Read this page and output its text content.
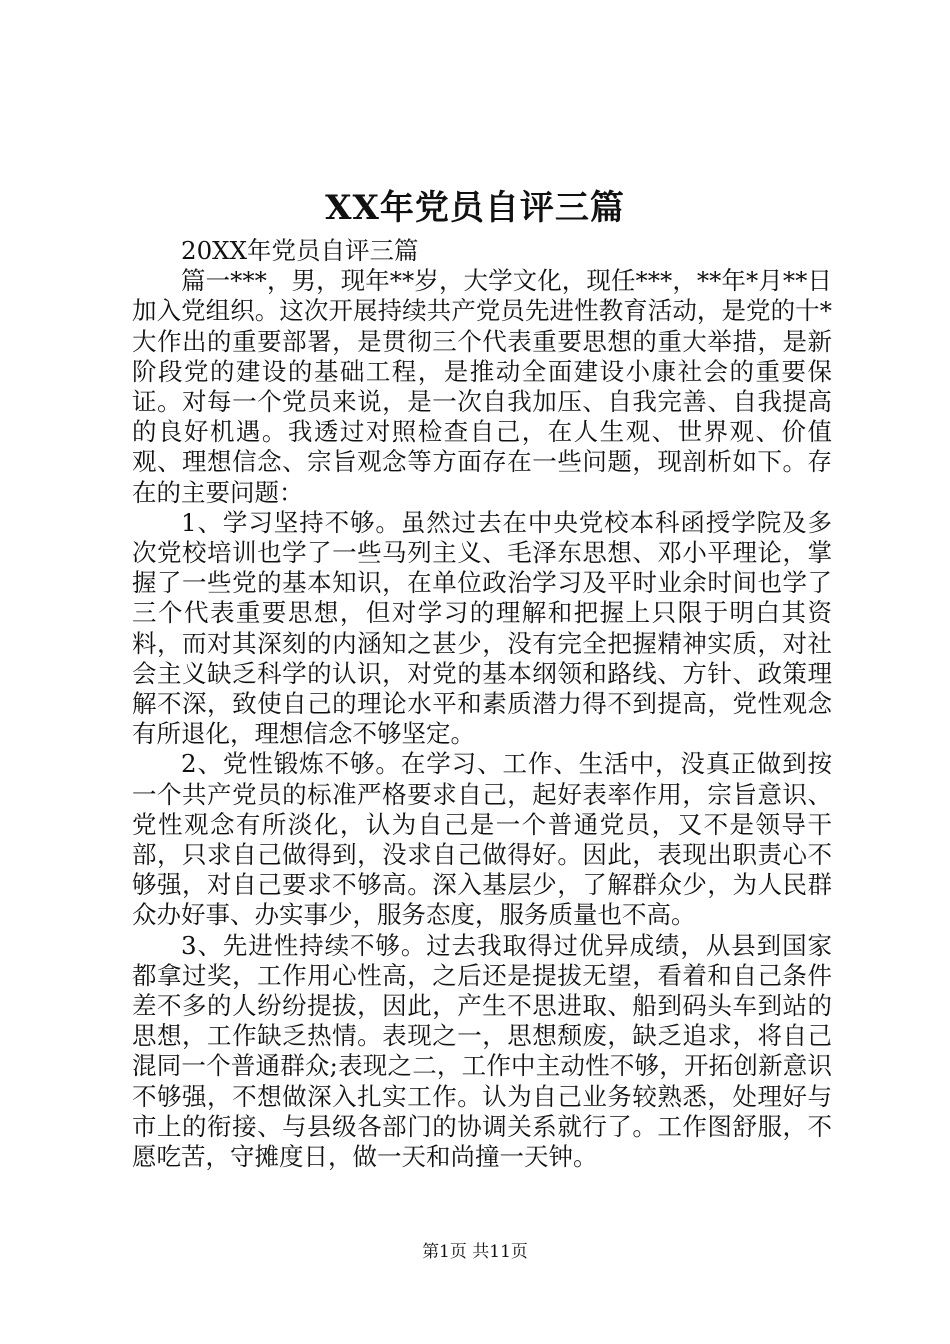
XX年党员自评三篇

20XX年党员自评三篇

篇一***，男，现年**岁，大学文化，现任***，**年*月**日加入党组织。这次开展持续共产党员先进性教育活动，是党的十*大作出的重要部署，是贯彻三个代表重要思想的重大举措，是新阶段党的建设的基础工程，是推动全面建设小康社会的重要保证。对每一个党员来说，是一次自我加压、自我完善、自我提高的良好机遇。我透过对照检查自己，在人生观、世界观、价值观、理想信念、宗旨观念等方面存在一些问题，现剖析如下。存在的主要问题：

1、学习坚持不够。虽然过去在中央党校本科函授学院及多次党校培训也学了一些马列主义、毛泽东思想、邓小平理论，掌握了一些党的基本知识，在单位政治学习及平时业余时间也学了三个代表重要思想，但对学习的理解和把握上只限于明白其资料，而对其深刻的内涵知之甚少，没有完全把握精神实质，对社会主义缺乏科学的认识，对党的基本纲领和路线、方针、政策理解不深，致使自己的理论水平和素质潜力得不到提高，党性观念有所退化，理想信念不够坚定。

2、党性锻炼不够。在学习、工作、生活中，没真正做到按一个共产党员的标准严格要求自己，起好表率作用，宗旨意识、党性观念有所淡化，认为自己是一个普通党员，又不是领导干部，只求自己做得到，没求自己做得好。因此，表现出职责心不够强，对自己要求不够高。深入基层少，了解群众少，为人民群众办好事、办实事少，服务态度，服务质量也不高。

3、先进性持续不够。过去我取得过优异成绩，从县到国家都拿过奖，工作用心性高，之后还是提拔无望，看着和自己条件差不多的人纷纷提拔，因此，产生不思进取、船到码头车到站的思想，工作缺乏热情。表现之一，思想颓废，缺乏追求，将自己混同一个普通群众;表现之二，工作中主动性不够，开拓创新意识不够强，不想做深入扎实工作。认为自己业务较熟悉，处理好与市上的衔接、与县级各部门的协调关系就行了。工作图舒服，不愿吃苦，守摊度日，做一天和尚撞一天钟。

第1页 共11页
